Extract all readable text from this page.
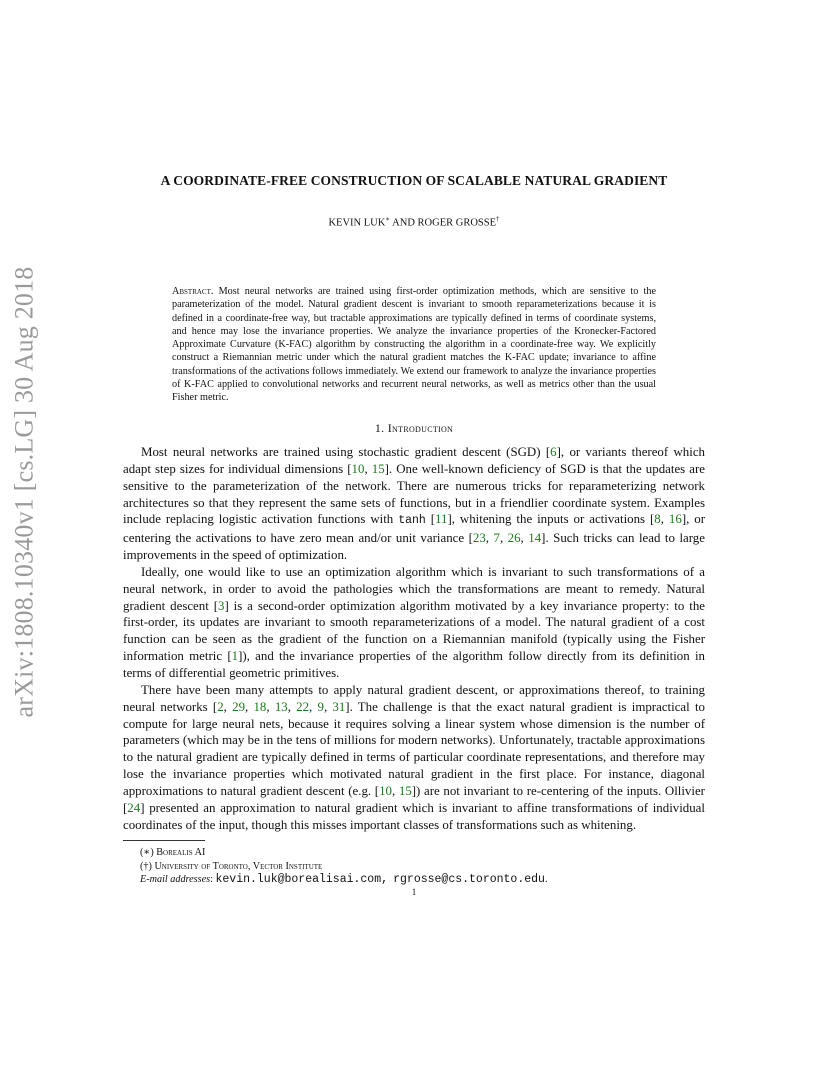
arXiv:1808.10340v1 [cs.LG] 30 Aug 2018
A COORDINATE-FREE CONSTRUCTION OF SCALABLE NATURAL GRADIENT
KEVIN LUK∗ AND ROGER GROSSE†
Abstract. Most neural networks are trained using first-order optimization methods, which are sensitive to the parameterization of the model. Natural gradient descent is invariant to smooth reparameterizations because it is defined in a coordinate-free way, but tractable approximations are typically defined in terms of coordinate systems, and hence may lose the invariance properties. We analyze the invariance properties of the Kronecker-Factored Approximate Curvature (K-FAC) algorithm by constructing the algorithm in a coordinate-free way. We explicitly construct a Riemannian metric under which the natural gradient matches the K-FAC update; invariance to affine transformations of the activations follows immediately. We extend our framework to analyze the invariance properties of K-FAC applied to convolutional networks and recurrent neural networks, as well as metrics other than the usual Fisher metric.
1. Introduction

Most neural networks are trained using stochastic gradient descent (SGD) [6], or variants thereof which adapt step sizes for individual dimensions [10, 15]. One well-known deficiency of SGD is that the updates are sensitive to the parameterization of the network. There are numerous tricks for reparameterizing network architectures so that they represent the same sets of functions, but in a friendlier coordinate system. Examples include replacing logistic activation functions with tanh [11], whitening the inputs or activations [8, 16], or centering the activations to have zero mean and/or unit variance [23, 7, 26, 14]. Such tricks can lead to large improvements in the speed of optimization.

Ideally, one would like to use an optimization algorithm which is invariant to such transformations of a neural network, in order to avoid the pathologies which the transformations are meant to remedy. Natural gradient descent [3] is a second-order optimization algorithm motivated by a key invariance property: to the first-order, its updates are invariant to smooth reparameterizations of a model. The natural gradient of a cost function can be seen as the gradient of the function on a Riemannian manifold (typically using the Fisher information metric [1]), and the invariance properties of the algorithm follow directly from its definition in terms of differential geometric primitives.

There have been many attempts to apply natural gradient descent, or approximations thereof, to training neural networks [2, 29, 18, 13, 22, 9, 31]. The challenge is that the exact natural gradient is impractical to compute for large neural nets, because it requires solving a linear system whose dimension is the number of parameters (which may be in the tens of millions for modern networks). Unfortunately, tractable approximations to the natural gradient are typically defined in terms of particular coordinate representations, and therefore may lose the invariance properties which motivated natural gradient in the first place. For instance, diagonal approximations to natural gradient descent (e.g. [10, 15]) are not invariant to re-centering of the inputs. Ollivier [24] presented an approximation to natural gradient which is invariant to affine transformations of individual coordinates of the input, though this misses important classes of transformations such as whitening.

(∗) Borealis AI
(†) University of Toronto, Vector Institute
E-mail addresses: kevin.luk@borealisai.com, rgrosse@cs.toronto.edu.
1
